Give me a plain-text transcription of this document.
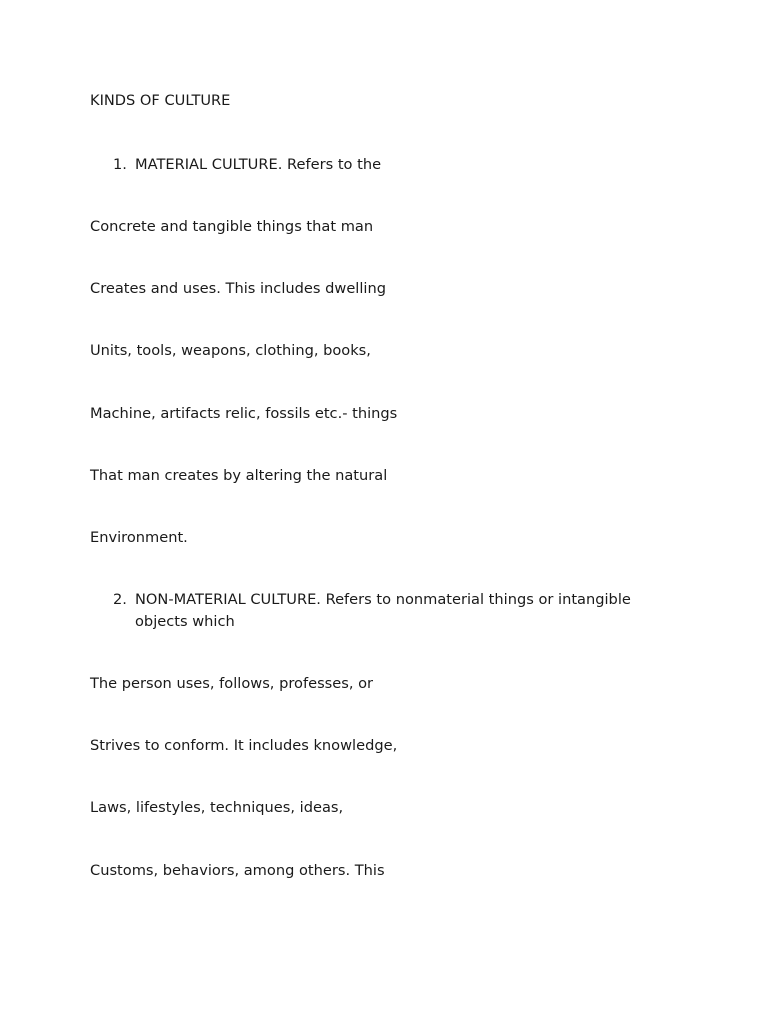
KINDS OF CULTURE
1. MATERIAL CULTURE. Refers to the
Concrete and tangible things that man
Creates and uses. This includes dwelling
Units, tools, weapons, clothing, books,
Machine, artifacts relic, fossils etc.- things
That man creates by altering the natural
Environment.
2. NON-MATERIAL CULTURE. Refers to nonmaterial things or intangible objects which
The person uses, follows, professes, or
Strives to conform. It includes knowledge,
Laws, lifestyles, techniques, ideas,
Customs, behaviors, among others. This
